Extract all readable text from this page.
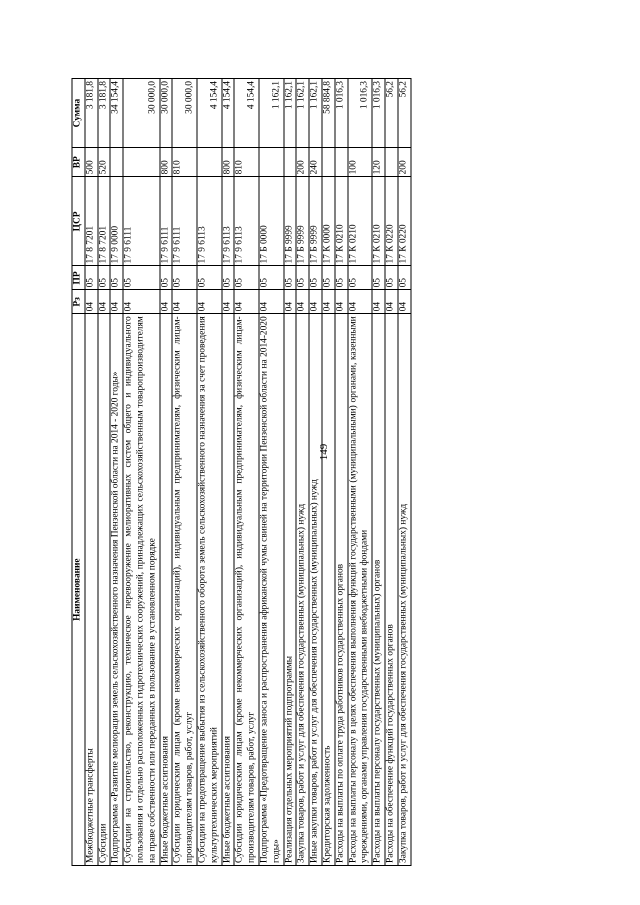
149
Наименование	Рз	ПР	ЦСР	ВР	Сумма
Межбюджетные трансферты	04	05	17 8 7201	500	3 181,8
Субсидии	04	05	17 8 7201	520	3 181,8
Подпрограмма «Развитие мелиорации земель сельскохозяйственного назначения Пензенской области на 2014 - 2020 годы»	04	05	17 9 0000		34 154,4
Субсидии на строительство, реконструкцию, техническое перевооружение мелиоративных систем общего и индивидуального пользования и отдельно расположенных гидротехнических сооружений, принадлежащих сельскохозяйственным товаропроизводителям на праве собственности или переданных в пользование в установленном порядке	04	05	17 9 6111		30 000,0
Иные бюджетные ассигнования	04	05	17 9 6111	800	30 000,0
Субсидии юридическим лицам (кроме некоммерческих организаций), индивидуальным предпринимателям, физическим лицам-производителям товаров, работ, услуг	04	05	17 9 6111	810	30 000,0
Субсидии на предотвращение выбытия из сельскохозяйственного оборота земель сельскохозяйственного назначения за счет проведения культуртехнических мероприятий	04	05	17 9 6113		4 154,4
Иные бюджетные ассигнования	04	05	17 9 6113	800	4 154,4
Субсидии юридическим лицам (кроме некоммерческих организаций), индивидуальным предпринимателям, физическим лицам-производителям товаров, работ, услуг	04	05	17 9 6113	810	4 154,4
Подпрограмма «Предотвращение заноса и распространения африканской чумы свиней на территории Пензенской области на 2014-2020 годы»	04	05	17 Б 0000		1 162,1
Реализация отдельных мероприятий подпрограммы	04	05	17 Б 9999		1 162,1
Закупка товаров, работ и услуг для обеспечения государственных (муниципальных) нужд	04	05	17 Б 9999	200	1 162,1
Иные закупки товаров, работ и услуг для обеспечения государственных (муниципальных) нужд	04	05	17 Б 9999	240	1 162,1
Кредиторская задолженность	04	05	17 К 0000		58 884,8
Расходы на выплаты по оплате труда работников государственных органов	04	05	17 К 0210		1 016,3
Расходы на выплаты персоналу в целях обеспечения выполнения функций государственными (муниципальными) органами, казенными учреждениями, органами управления государственными внебюджетными фондами	04	05	17 К 0210	100	1 016,3
Расходы на выплаты персоналу государственных (муниципальных) органов	04	05	17 К 0210	120	1 016,3
Расходы на обеспечение функций государственных органов	04	05	17 К 0220		56,2
Закупка товаров, работ и услуг для обеспечения государственных (муниципальных) нужд	04	05	17 К 0220	200	56,2
